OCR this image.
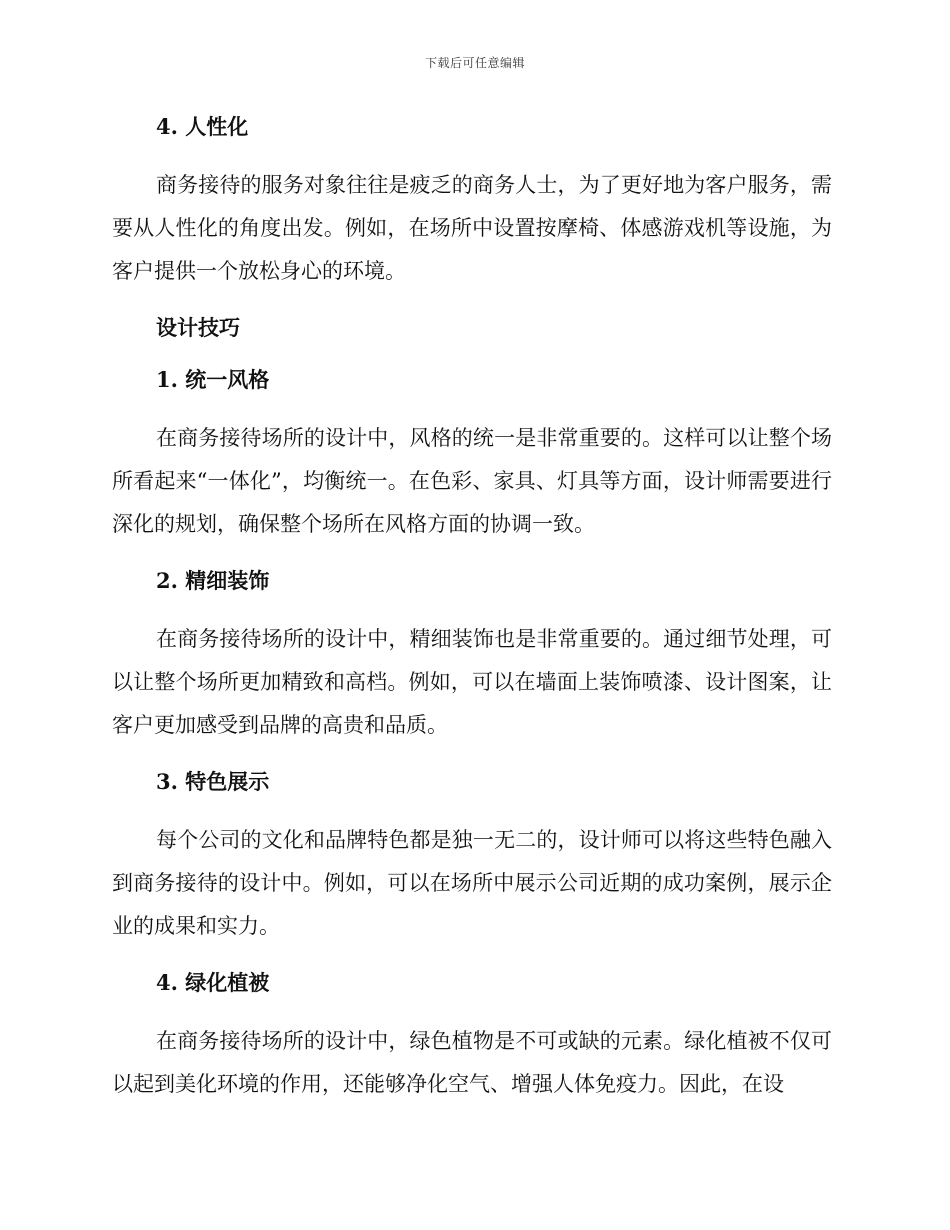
下载后可任意编辑

4. 人性化

商务接待的服务对象往往是疲乏的商务人士，为了更好地为客户服务，需要从人性化的角度出发。例如，在场所中设置按摩椅、体感游戏机等设施，为客户提供一个放松身心的环境。

设计技巧

1. 统一风格

在商务接待场所的设计中，风格的统一是非常重要的。这样可以让整个场所看起来“一体化”，均衡统一。在色彩、家具、灯具等方面，设计师需要进行深化的规划，确保整个场所在风格方面的协调一致。

2. 精细装饰

在商务接待场所的设计中，精细装饰也是非常重要的。通过细节处理，可以让整个场所更加精致和高档。例如，可以在墙面上装饰喷漆、设计图案，让客户更加感受到品牌的高贵和品质。

3. 特色展示

每个公司的文化和品牌特色都是独一无二的，设计师可以将这些特色融入到商务接待的设计中。例如，可以在场所中展示公司近期的成功案例，展示企业的成果和实力。

4. 绿化植被

在商务接待场所的设计中，绿色植物是不可或缺的元素。绿化植被不仅可以起到美化环境的作用，还能够净化空气、增强人体免疫力。因此，在设
